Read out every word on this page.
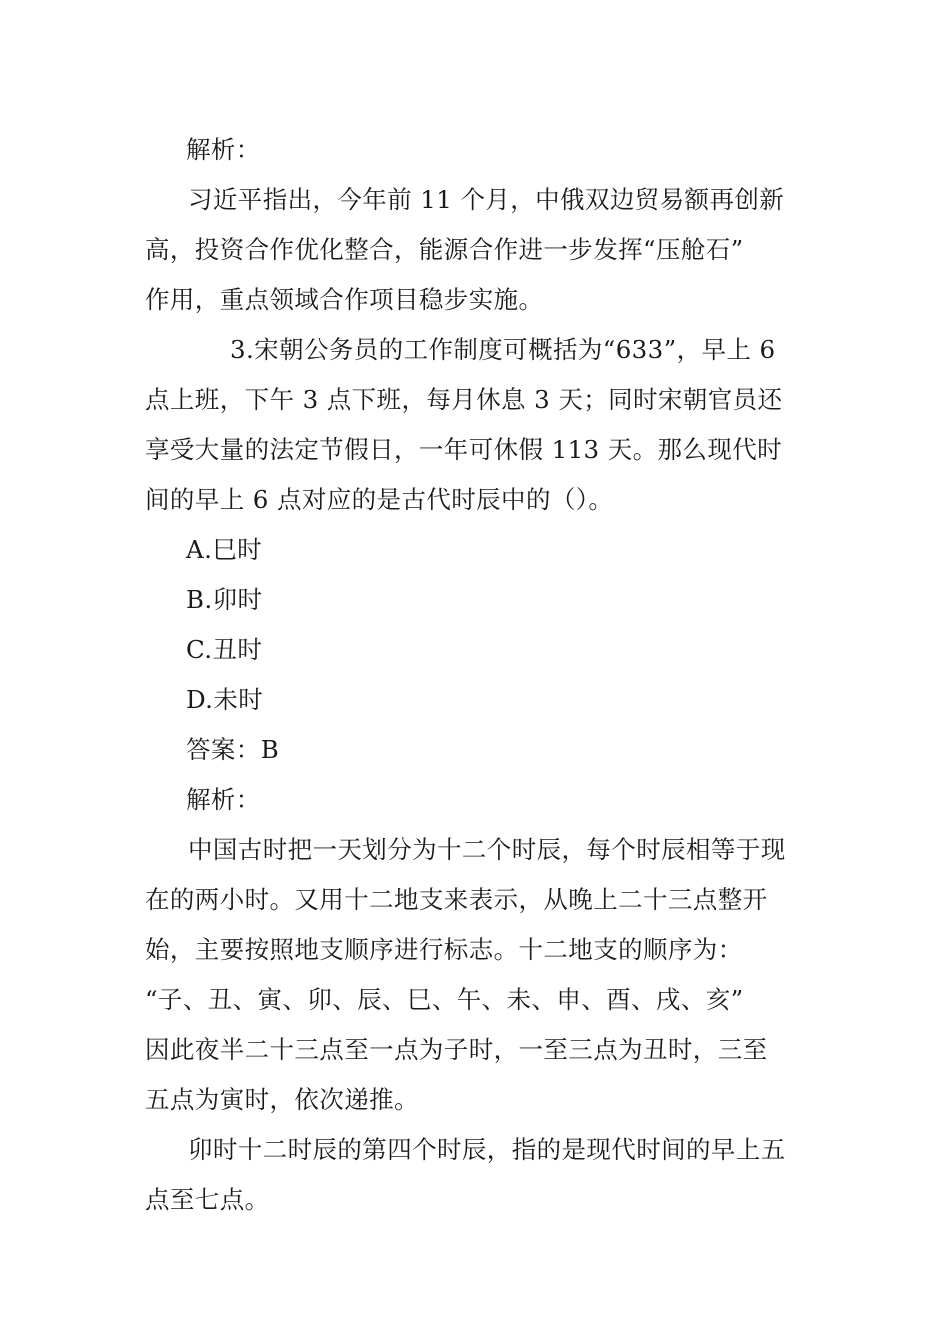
解析：
习近平指出，今年前 11 个月，中俄双边贸易额再创新
高，投资合作优化整合，能源合作进一步发挥“压舱石”
作用，重点领域合作项目稳步实施。
3.宋朝公务员的工作制度可概括为“633”，早上 6
点上班，下午 3 点下班，每月休息 3 天；同时宋朝官员还
享受大量的法定节假日，一年可休假 113 天。那么现代时
间的早上 6 点对应的是古代时辰中的（）。
A.巳时
B.卯时
C.丑时
D.未时
答案：B
解析：
中国古时把一天划分为十二个时辰，每个时辰相等于现
在的两小时。又用十二地支来表示，从晚上二十三点整开
始，主要按照地支顺序进行标志。十二地支的顺序为：
“子、丑、寅、卯、辰、巳、午、未、申、酉、戌、亥”
因此夜半二十三点至一点为子时，一至三点为丑时，三至
五点为寅时，依次递推。
卯时十二时辰的第四个时辰，指的是现代时间的早上五
点至七点。
